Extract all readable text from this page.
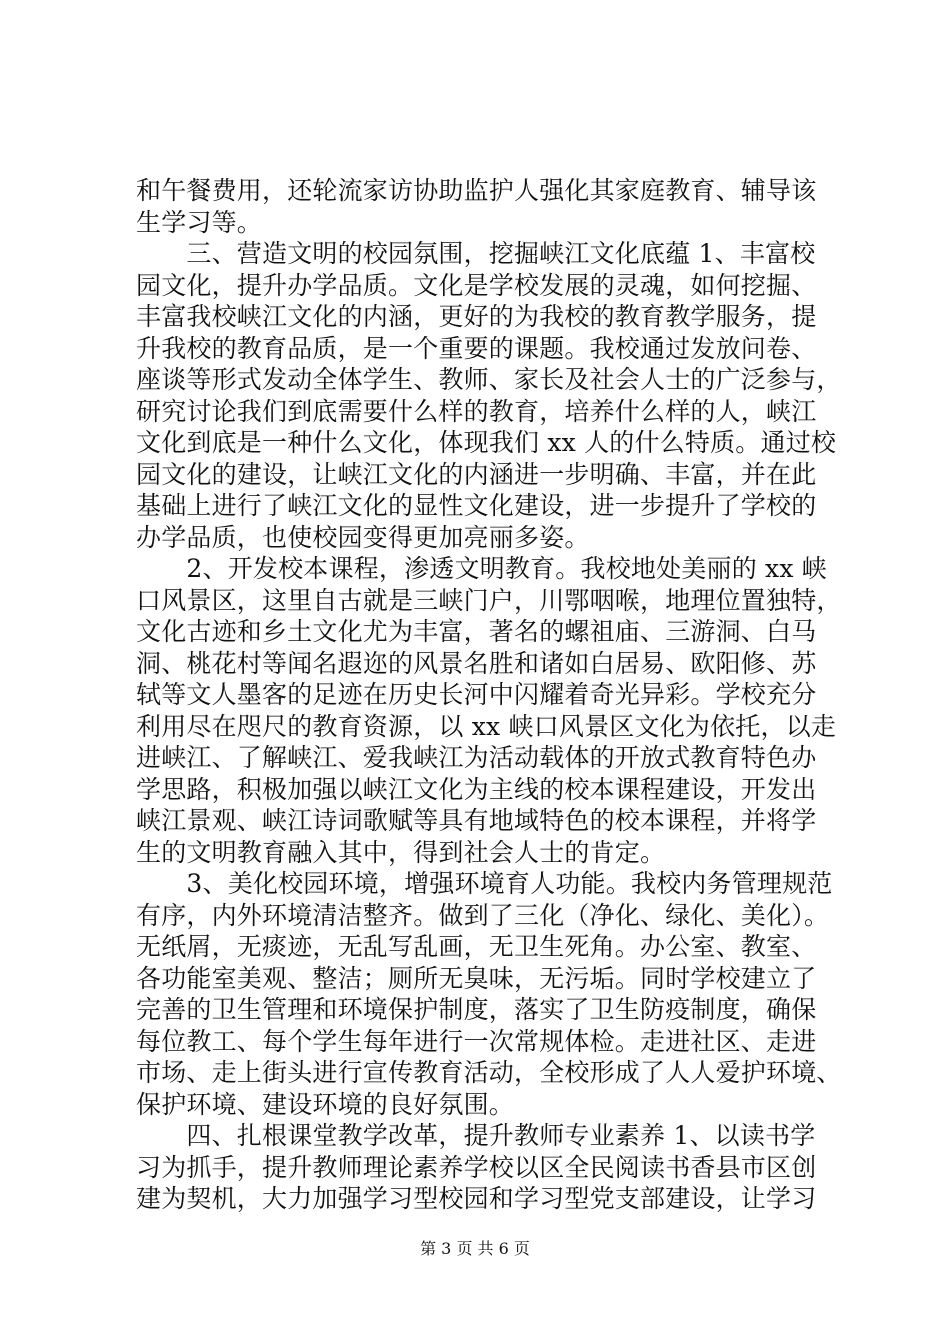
和午餐费用，还轮流家访协助监护人强化其家庭教育、辅导该

生学习等。

　　三、营造文明的校园氛围，挖掘峡江文化底蕴 1、丰富校

园文化，提升办学品质。文化是学校发展的灵魂，如何挖掘、

丰富我校峡江文化的内涵，更好的为我校的教育教学服务，提

升我校的教育品质，是一个重要的课题。我校通过发放问卷、

座谈等形式发动全体学生、教师、家长及社会人士的广泛参与，

研究讨论我们到底需要什么样的教育，培养什么样的人，峡江

文化到底是一种什么文化，体现我们 xx 人的什么特质。通过校

园文化的建设，让峡江文化的内涵进一步明确、丰富，并在此

基础上进行了峡江文化的显性文化建设，进一步提升了学校的

办学品质，也使校园变得更加亮丽多姿。

　　2、开发校本课程，渗透文明教育。我校地处美丽的 xx 峡

口风景区，这里自古就是三峡门户，川鄂咽喉，地理位置独特，

文化古迹和乡土文化尤为丰富，著名的螺祖庙、三游洞、白马

洞、桃花村等闻名遐迩的风景名胜和诸如白居易、欧阳修、苏

轼等文人墨客的足迹在历史长河中闪耀着奇光异彩。学校充分

利用尽在咫尺的教育资源，以 xx 峡口风景区文化为依托，以走

进峡江、了解峡江、爱我峡江为活动载体的开放式教育特色办

学思路，积极加强以峡江文化为主线的校本课程建设，开发出

峡江景观、峡江诗词歌赋等具有地域特色的校本课程，并将学

生的文明教育融入其中，得到社会人士的肯定。

　　3、美化校园环境，增强环境育人功能。我校内务管理规范

有序，内外环境清洁整齐。做到了三化（净化、绿化、美化）。

无纸屑，无痰迹，无乱写乱画，无卫生死角。办公室、教室、

各功能室美观、整洁；厕所无臭味，无污垢。同时学校建立了

完善的卫生管理和环境保护制度，落实了卫生防疫制度，确保

每位教工、每个学生每年进行一次常规体检。走进社区、走进

市场、走上街头进行宣传教育活动，全校形成了人人爱护环境、

保护环境、建设环境的良好氛围。

　　四、扎根课堂教学改革，提升教师专业素养 1、以读书学

习为抓手，提升教师理论素养学校以区全民阅读书香县市区创

建为契机，大力加强学习型校园和学习型党支部建设，让学习

第 3 页 共 6 页
